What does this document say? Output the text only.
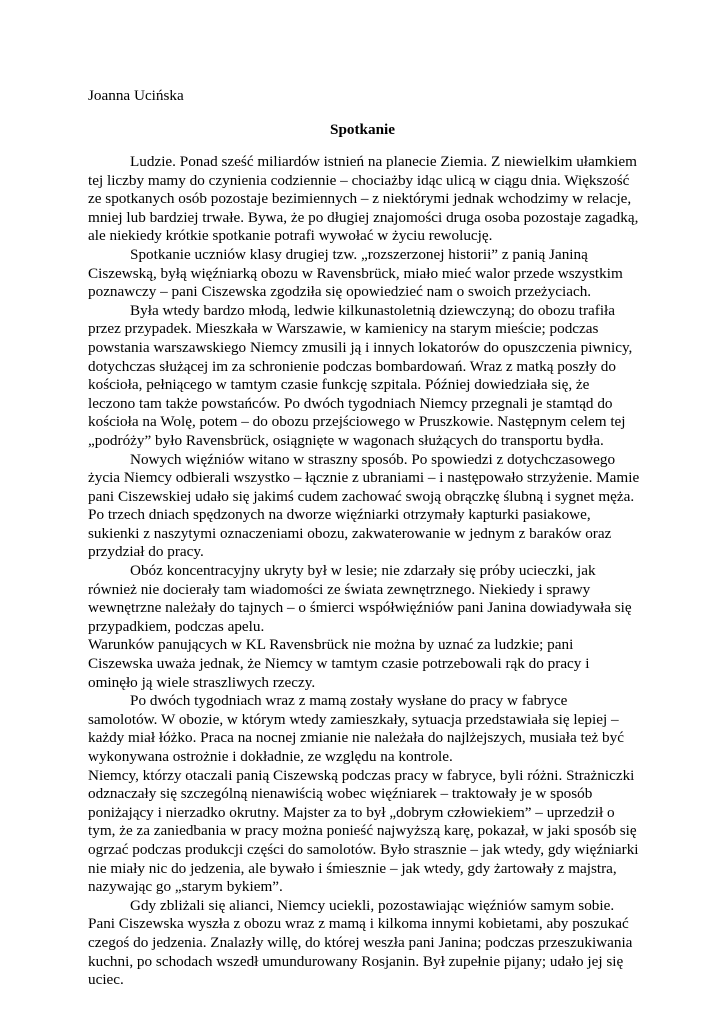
Joanna Ucińska
Spotkanie

Ludzie. Ponad sześć miliardów istnień na planecie Ziemia. Z niewielkim ułamkiem tej liczby mamy do czynienia codziennie – chociażby idąc ulicą w ciągu dnia. Większość ze spotkanych osób pozostaje bezimiennych – z niektórymi jednak wchodzimy w relacje, mniej lub bardziej trwałe. Bywa, że po długiej znajomości druga osoba pozostaje zagadką, ale niekiedy krótkie spotkanie potrafi wywołać w życiu rewolucję.

Spotkanie uczniów klasy drugiej tzw. „rozszerzonej historii” z panią Janiną Ciszewską, byłą więźniarką obozu w Ravensbrück, miało mieć walor przede wszystkim poznawczy – pani Ciszewska zgodziła się opowiedzieć nam o swoich przeżyciach.

Była wtedy bardzo młodą, ledwie kilkunastoletnią dziewczyną; do obozu trafiła przez przypadek. Mieszkała w Warszawie, w kamienicy na starym mieście; podczas powstania warszawskiego Niemcy zmusili ją i innych lokatorów do opuszczenia piwnicy, dotychczas służącej im za schronienie podczas bombardowań. Wraz z matką poszły do kościoła, pełniącego w tamtym czasie funkcję szpitala. Później dowiedziała się, że leczono tam także powstańców. Po dwóch tygodniach Niemcy przegnali je stamtąd do kościoła na Wolę, potem – do obozu przejściowego w Pruszkowie. Następnym celem tej „podróży” było Ravensbrück, osiągnięte w wagonach służących do transportu bydła.

Nowych więźniów witano w straszny sposób. Po spowiedzi z dotychczasowego życia Niemcy odbierali wszystko – łącznie z ubraniami – i następowało strzyżenie. Mamie pani Ciszewskiej udało się jakimś cudem zachować swoją obrączkę ślubną i sygnet męża.

Po trzech dniach spędzonych na dworze więźniarki otrzymały kapturki pasiakowe, sukienki z naszytymi oznaczeniami obozu, zakwaterowanie w jednym z baraków oraz przydział do pracy.

Obóz koncentracyjny ukryty był w lesie; nie zdarzały się próby ucieczki, jak również nie docierały tam wiadomości ze świata zewnętrznego. Niekiedy i sprawy wewnętrzne należały do tajnych – o śmierci współwięźniów pani Janina dowiadywała się przypadkiem, podczas apelu.

Warunków panujących w KL Ravensbrück nie można by uznać za ludzkie; pani Ciszewska uważa jednak, że Niemcy w tamtym czasie potrzebowali rąk do pracy i ominęło ją wiele straszliwych rzeczy.

Po dwóch tygodniach wraz z mamą zostały wysłane do pracy w fabryce samolotów. W obozie, w którym wtedy zamieszkały, sytuacja przedstawiała się lepiej – każdy miał łóżko. Praca na nocnej zmianie nie należała do najlżejszych, musiała też być wykonywana ostrożnie i dokładnie, ze względu na kontrole.

Niemcy, którzy otaczali panią Ciszewską podczas pracy w fabryce, byli różni. Strażniczki odznaczały się szczególną nienawiścią wobec więźniarek – traktowały je w sposób poniżający i nierzadko okrutny. Majster za to był „dobrym człowiekiem” – uprzedził o tym, że za zaniedbania w pracy można ponieść najwyższą karę, pokazał, w jaki sposób się ogrzać podczas produkcji części do samolotów. Było strasznie – jak wtedy, gdy więźniarki nie miały nic do jedzenia, ale bywało i śmiesznie – jak wtedy, gdy żartowały z majstra, nazywając go „starym bykiem”.

Gdy zbliżali się alianci, Niemcy uciekli, pozostawiając więźniów samym sobie. Pani Ciszewska wyszła z obozu wraz z mamą i kilkoma innymi kobietami, aby poszukać czegoś do jedzenia. Znalazły willę, do której weszła pani Janina; podczas przeszukiwania kuchni, po schodach wszedł umundurowany Rosjanin. Był zupełnie pijany; udało jej się uciec.
